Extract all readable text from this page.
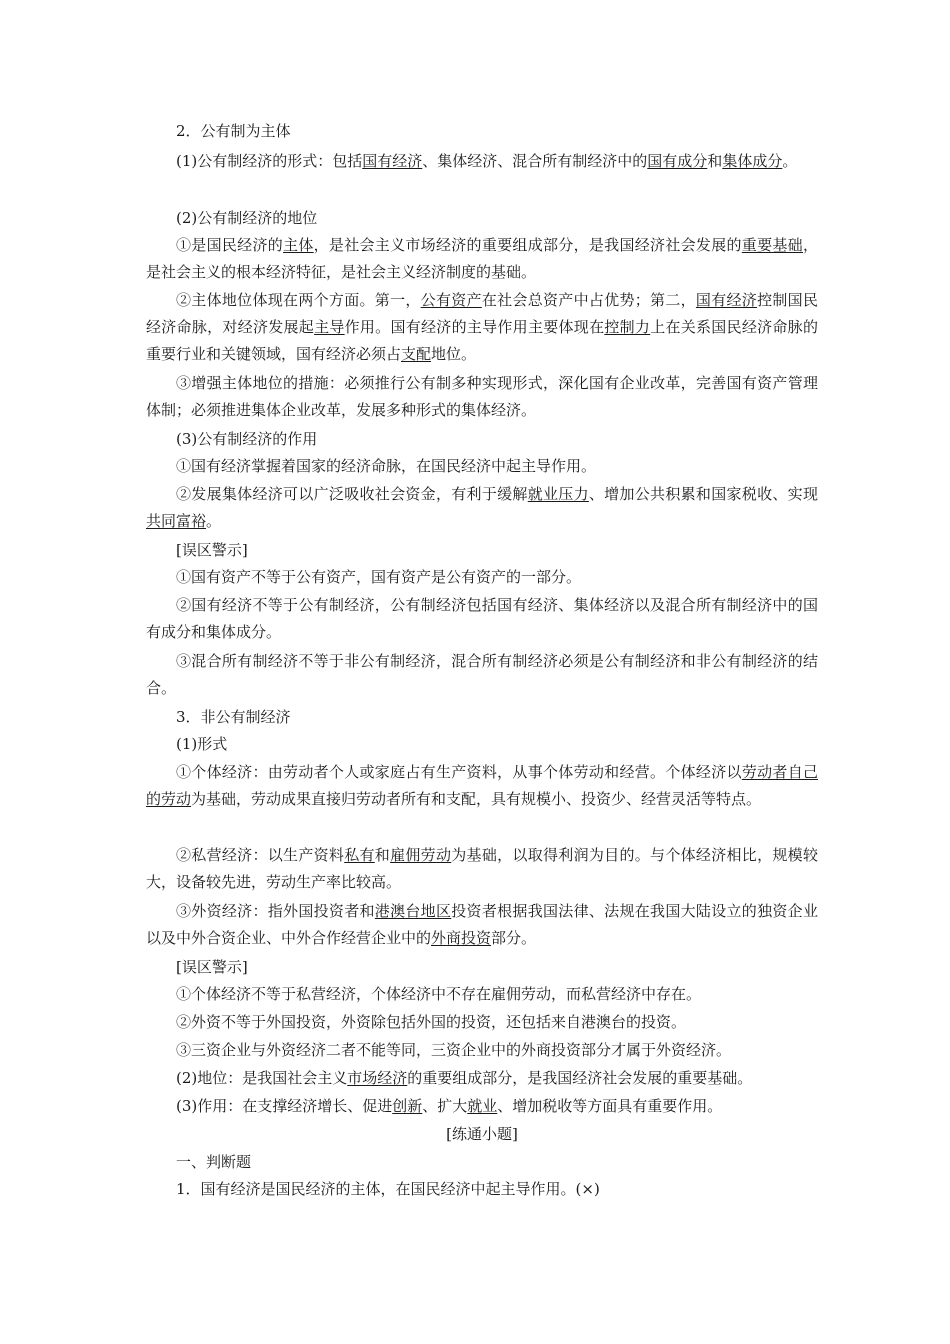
2．公有制为主体

(1)公有制经济的形式：包括国有经济、集体经济、混合所有制经济中的国有成分和集体成分。

(2)公有制经济的地位

①是国民经济的主体，是社会主义市场经济的重要组成部分，是我国经济社会发展的重要基础，是社会主义的根本经济特征，是社会主义经济制度的基础。

②主体地位体现在两个方面。第一，公有资产在社会总资产中占优势；第二，国有经济控制国民经济命脉，对经济发展起主导作用。国有经济的主导作用主要体现在控制力上在关系国民经济命脉的重要行业和关键领域，国有经济必须占支配地位。

③增强主体地位的措施：必须推行公有制多种实现形式，深化国有企业改革，完善国有资产管理体制；必须推进集体企业改革，发展多种形式的集体经济。

(3)公有制经济的作用

①国有经济掌握着国家的经济命脉，在国民经济中起主导作用。

②发展集体经济可以广泛吸收社会资金，有利于缓解就业压力、增加公共积累和国家税收、实现共同富裕。

[误区警示]

①国有资产不等于公有资产，国有资产是公有资产的一部分。

②国有经济不等于公有制经济，公有制经济包括国有经济、集体经济以及混合所有制经济中的国有成分和集体成分。

③混合所有制经济不等于非公有制经济，混合所有制经济必须是公有制经济和非公有制经济的结合。

3．非公有制经济

(1)形式

①个体经济：由劳动者个人或家庭占有生产资料，从事个体劳动和经营。个体经济以劳动者自己的劳动为基础，劳动成果直接归劳动者所有和支配，具有规模小、投资少、经营灵活等特点。

②私营经济：以生产资料私有和雇佣劳动为基础，以取得利润为目的。与个体经济相比，规模较大，设备较先进，劳动生产率比较高。

③外资经济：指外国投资者和港澳台地区投资者根据我国法律、法规在我国大陆设立的独资企业以及中外合资企业、中外合作经营企业中的外商投资部分。

[误区警示]

①个体经济不等于私营经济，个体经济中不存在雇佣劳动，而私营经济中存在。

②外资不等于外国投资，外资除包括外国的投资，还包括来自港澳台的投资。

③三资企业与外资经济二者不能等同，三资企业中的外商投资部分才属于外资经济。

(2)地位：是我国社会主义市场经济的重要组成部分，是我国经济社会发展的重要基础。

(3)作用：在支撑经济增长、促进创新、扩大就业、增加税收等方面具有重要作用。

[练通小题]

一、判断题

1．国有经济是国民经济的主体，在国民经济中起主导作用。(×)
